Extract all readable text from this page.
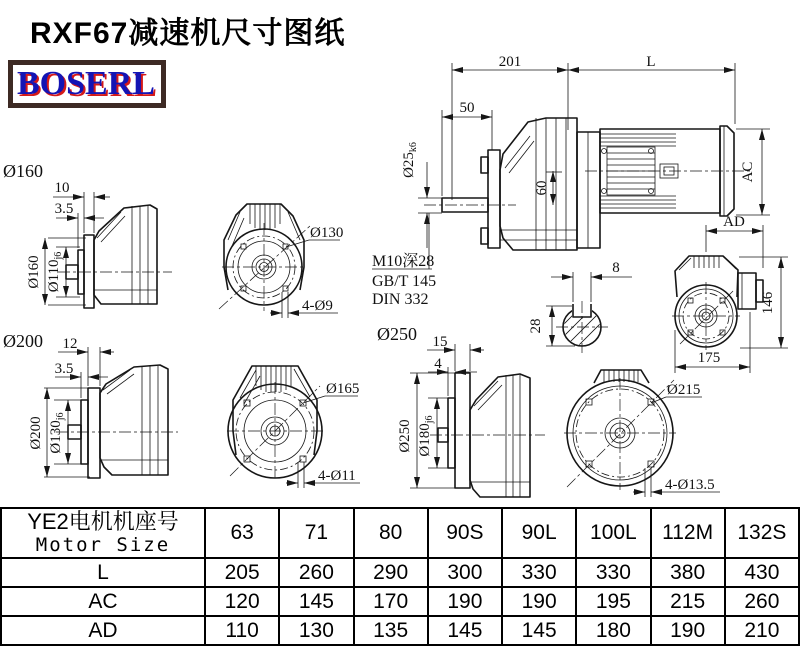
201	L
50
$Ø25_{k6}$
60
AC
M10深28
GB/T 145
DIN 332
8
28
AD
146
175
Ø160
10
3.5
Ø160 $Ø110_{j6}$
Ø130
4-Ø9
Ø200 12
3.5
Ø200 $Ø130_{j6}$
Ø165
4-Ø11
Ø250 15
4
Ø250 $Ø180_{j6}$
Ø215
4-Ø13.5
RXF67减速机尺寸图纸
BOSERL
YE2电机机座号
Motor Size	63	71	80	90S	90L	100L	112M	132S
L	205	260	290	300	330	330	380	430
AC	120	145	170	190	190	195	215	260
AD	110	130	135	145	145	180	190	210
